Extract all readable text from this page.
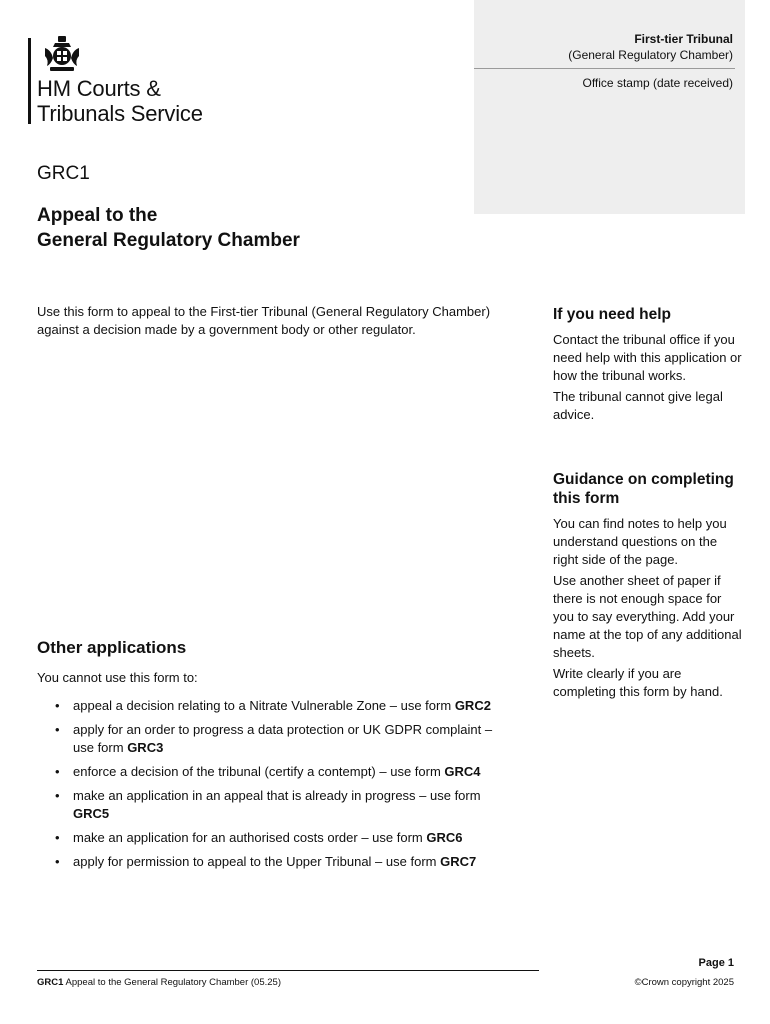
HM Courts &
Tribunals Service
First-tier Tribunal
(General Regulatory Chamber)
Office stamp (date received)
GRC1
Appeal to the
General Regulatory Chamber
Use this form to appeal to the First-tier Tribunal (General Regulatory Chamber) against a decision made by a government body or other regulator.
If you need help

Contact the tribunal office if you need help with this application or how the tribunal works.

The tribunal cannot give legal advice.

Guidance on completing this form

You can find notes to help you understand questions on the right side of the page.

Use another sheet of paper if there is not enough space for you to say everything. Add your name at the top of any additional sheets.

Write clearly if you are completing this form by hand.

Other applications
You cannot use this form to:
• appeal a decision relating to a Nitrate Vulnerable Zone – use form GRC2
• apply for an order to progress a data protection or UK GDPR complaint – use form GRC3
• enforce a decision of the tribunal (certify a contempt) – use form GRC4
• make an application in an appeal that is already in progress – use form GRC5
• make an application for an authorised costs order – use form GRC6
• apply for permission to appeal to the Upper Tribunal – use form GRC7
Page 1
GRC1 Appeal to the General Regulatory Chamber (05.25)	©Crown copyright 2025
